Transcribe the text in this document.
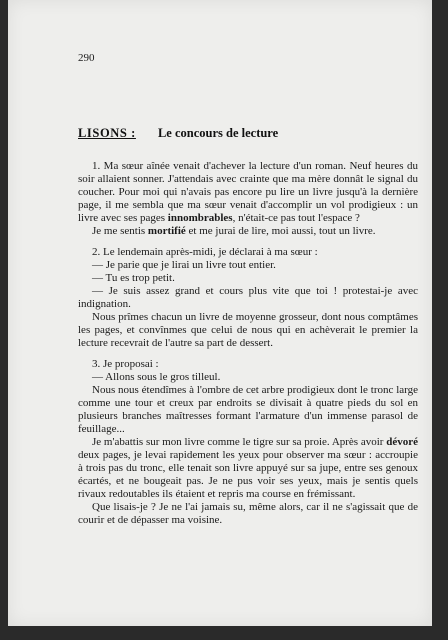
290
LISONS : Le concours de lecture

1. Ma sœur aînée venait d'achever la lecture d'un roman. Neuf heures du soir allaient sonner. J'attendais avec crainte que ma mère donnât le signal du coucher. Pour moi qui n'avais pas encore pu lire un livre jusqu'à la dernière page, il me sembla que ma sœur venait d'accomplir un vol prodigieux : un livre avec ses pages innombrables, n'était-ce pas tout l'espace ?

Je me sentis mortifié et me jurai de lire, moi aussi, tout un livre.

2. Le lendemain après-midi, je déclarai à ma sœur :

— Je parie que je lirai un livre tout entier.

— Tu es trop petit.

— Je suis assez grand et cours plus vite que toi ! protestai-je avec indignation.

Nous prîmes chacun un livre de moyenne grosseur, dont nous comptâmes les pages, et convînmes que celui de nous qui en achèverait le premier la lecture recevrait de l'autre sa part de dessert.

3. Je proposai :

— Allons sous le gros tilleul.

Nous nous étendîmes à l'ombre de cet arbre prodigieux dont le tronc large comme une tour et creux par endroits se divisait à quatre pieds du sol en plusieurs branches maîtresses formant l'armature d'un immense parasol de feuillage...

Je m'abattis sur mon livre comme le tigre sur sa proie. Après avoir dévoré deux pages, je levai rapidement les yeux pour observer ma sœur : accroupie à trois pas du tronc, elle tenait son livre appuyé sur sa jupe, entre ses genoux écartés, et ne bougeait pas. Je ne pus voir ses yeux, mais je sentis quels rivaux redoutables ils étaient et repris ma course en frémissant.

Que lisais-je ? Je ne l'ai jamais su, même alors, car il ne s'agissait que de courir et de dépasser ma voisine.
